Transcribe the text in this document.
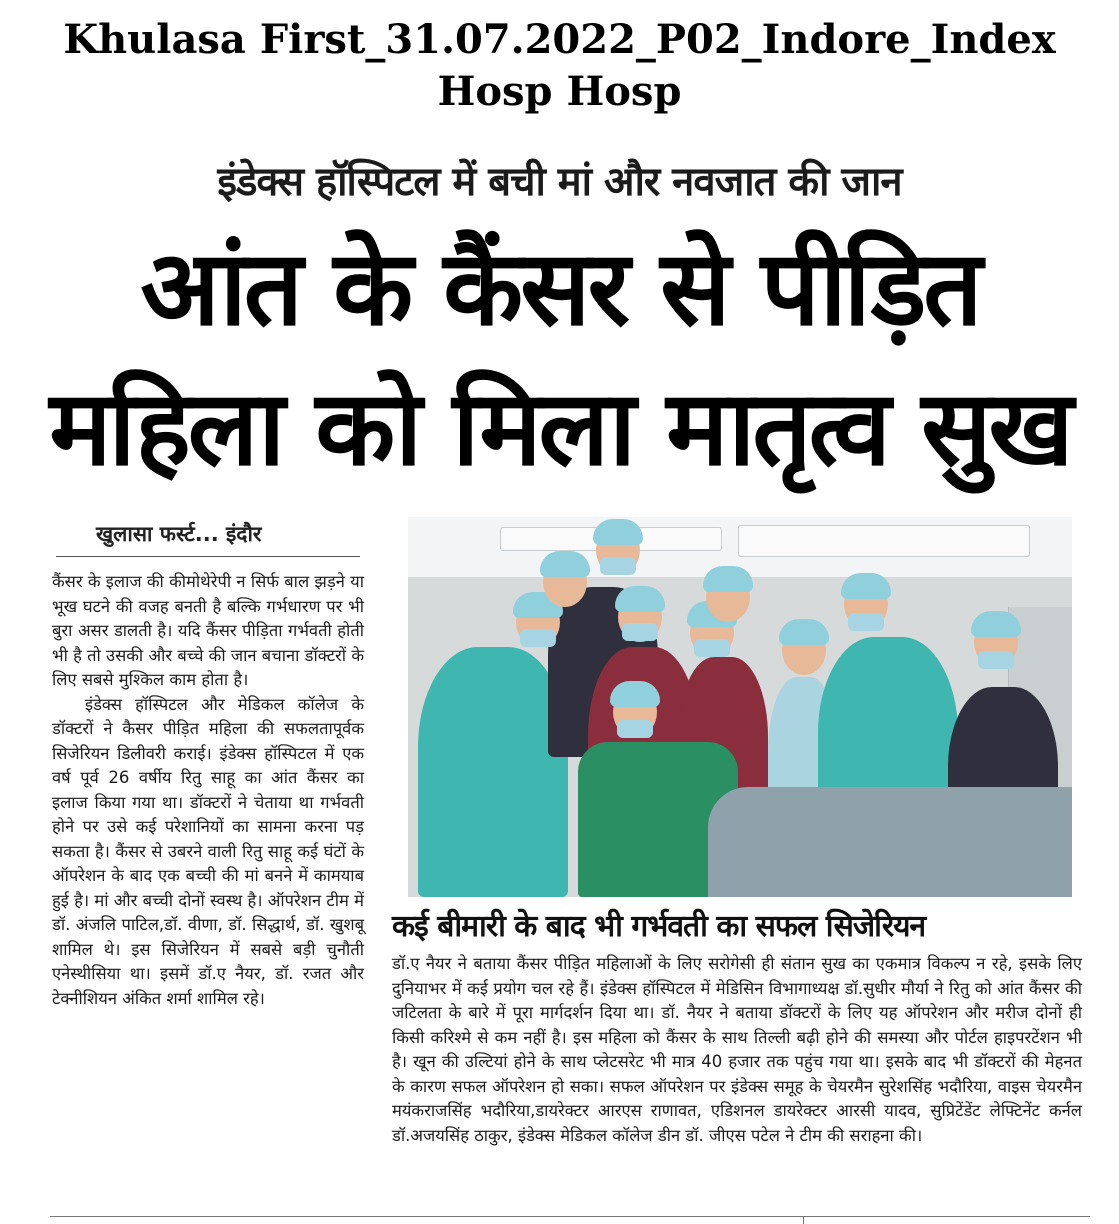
Khulasa First_31.07.2022_P02_Indore_Index
Hosp Hosp
इंडेक्स हॉस्पिटल में बची मां और नवजात की जान
आंत के कैंसर से पीड़ित
महिला को मिला मातृत्व सुख
खुलासा फर्स्ट... इंदौर

कैंसर के इलाज की कीमोथेरेपी न सिर्फ बाल झड़ने या भूख घटने की वजह बनती है बल्कि गर्भधारण पर भी बुरा असर डालती है। यदि कैंसर पीड़िता गर्भवती होती भी है तो उसकी और बच्चे की जान बचाना डॉक्टरों के लिए सबसे मुश्किल काम होता है।

इंडेक्स हॉस्पिटल और मेडिकल कॉलेज के डॉक्टरों ने कैसर पीड़ित महिला की सफलतापूर्वक सिजेरियन डिलीवरी कराई। इंडेक्स हॉस्पिटल में एक वर्ष पूर्व 26 वर्षीय रितु साहू का आंत कैंसर का इलाज किया गया था। डॉक्टरों ने चेताया था गर्भवती होने पर उसे कई परेशानियों का सामना करना पड़ सकता है। कैंसर से उबरने वाली रितु साहू कई घंटों के ऑपरेशन के बाद एक बच्ची की मां बनने में कामयाब हुई है। मां और बच्ची दोनों स्वस्थ है। ऑपरेशन टीम में डॉ. अंजलि पाटिल,डॉ. वीणा, डॉ. सिद्धार्थ, डॉ. खुशबू शामिल थे। इस सिजेरियन में सबसे बड़ी चुनौती एनेस्थीसिया था। इसमें डॉ.ए नैयर, डॉ. रजत और टेक्नीशियन अंकित शर्मा शामिल रहे।

कई बीमारी के बाद भी गर्भवती का सफल सिजेरियन

डॉ.ए नैयर ने बताया कैंसर पीड़ित महिलाओं के लिए सरोगेसी ही संतान सुख का एकमात्र विकल्प न रहे, इसके लिए दुनियाभर में कई प्रयोग चल रहे हैं। इंडेक्स हॉस्पिटल में मेडिसिन विभागाध्यक्ष डॉ.सुधीर मौर्या ने रितु को आंत कैंसर की जटिलता के बारे में पूरा मार्गदर्शन दिया था। डॉ. नैयर ने बताया डॉक्टरों के लिए यह ऑपरेशन और मरीज दोनों ही किसी करिश्मे से कम नहीं है। इस महिला को कैंसर के साथ तिल्ली बढ़ी होने की समस्या और पोर्टल हाइपरटेंशन भी है। खून की उल्टियां होने के साथ प्लेटसरेट भी मात्र 40 हजार तक पहुंच गया था। इसके बाद भी डॉक्टरों की मेहनत के कारण सफल ऑपरेशन हो सका। सफल ऑपरेशन पर इंडेक्स समूह के चेयरमैन सुरेशसिंह भदौरिया, वाइस चेयरमैन मयंकराजसिंह भदौरिया,डायरेक्टर आरएस राणावत, एडिशनल डायरेक्टर आरसी यादव, सुप्रिटेंडेंट लेफ्टिनेंट कर्नल डॉ.अजयसिंह ठाकुर, इंडेक्स मेडिकल कॉलेज डीन डॉ. जीएस पटेल ने टीम की सराहना की।
